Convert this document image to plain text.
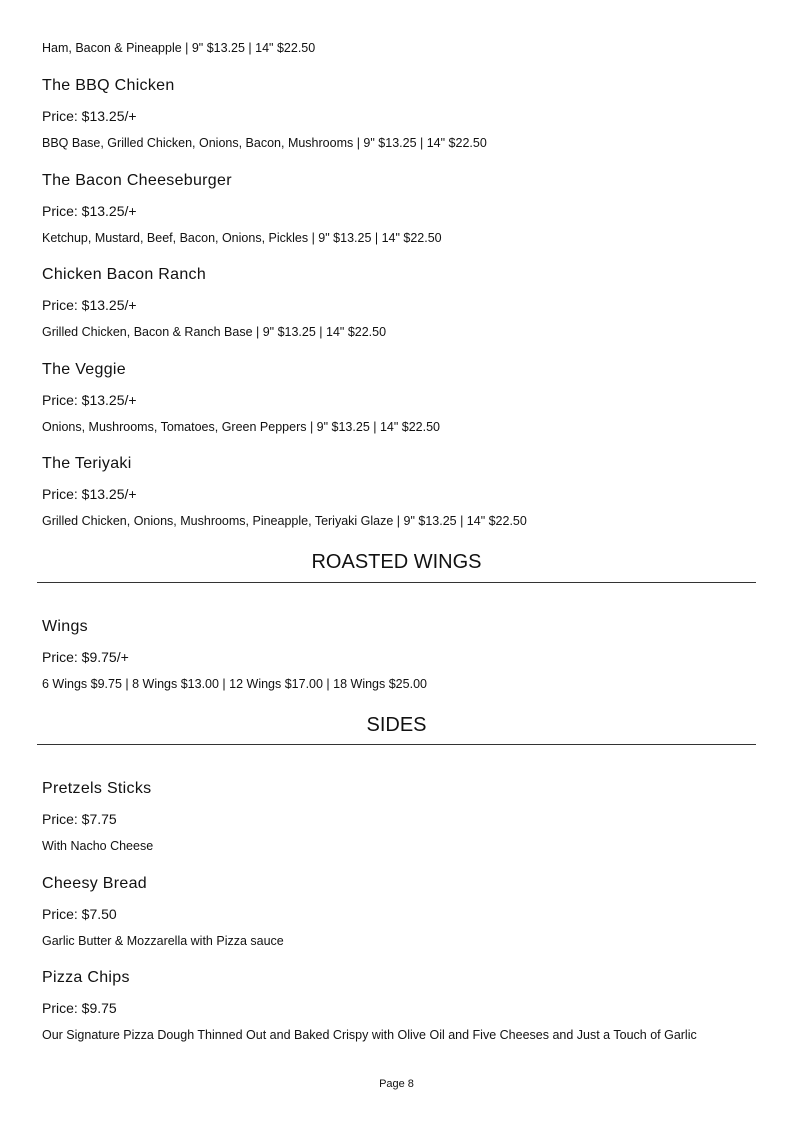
Ham, Bacon & Pineapple | 9" $13.25 | 14" $22.50
The BBQ Chicken
Price: $13.25/+
BBQ Base, Grilled Chicken, Onions, Bacon, Mushrooms | 9" $13.25 | 14" $22.50
The Bacon Cheeseburger
Price: $13.25/+
Ketchup, Mustard, Beef, Bacon, Onions, Pickles | 9" $13.25 | 14" $22.50
Chicken Bacon Ranch
Price: $13.25/+
Grilled Chicken, Bacon & Ranch Base | 9" $13.25 | 14" $22.50
The Veggie
Price: $13.25/+
Onions, Mushrooms, Tomatoes, Green Peppers | 9" $13.25 | 14" $22.50
The Teriyaki
Price: $13.25/+
Grilled Chicken, Onions, Mushrooms, Pineapple, Teriyaki Glaze | 9" $13.25 | 14" $22.50
ROASTED WINGS
Wings
Price: $9.75/+
6 Wings $9.75 | 8 Wings $13.00 | 12 Wings $17.00 | 18 Wings $25.00
SIDES
Pretzels Sticks
Price: $7.75
With Nacho Cheese
Cheesy Bread
Price: $7.50
Garlic Butter & Mozzarella with Pizza sauce
Pizza Chips
Price: $9.75
Our Signature Pizza Dough Thinned Out and Baked Crispy with Olive Oil and Five Cheeses and Just a Touch of Garlic
Page 8
